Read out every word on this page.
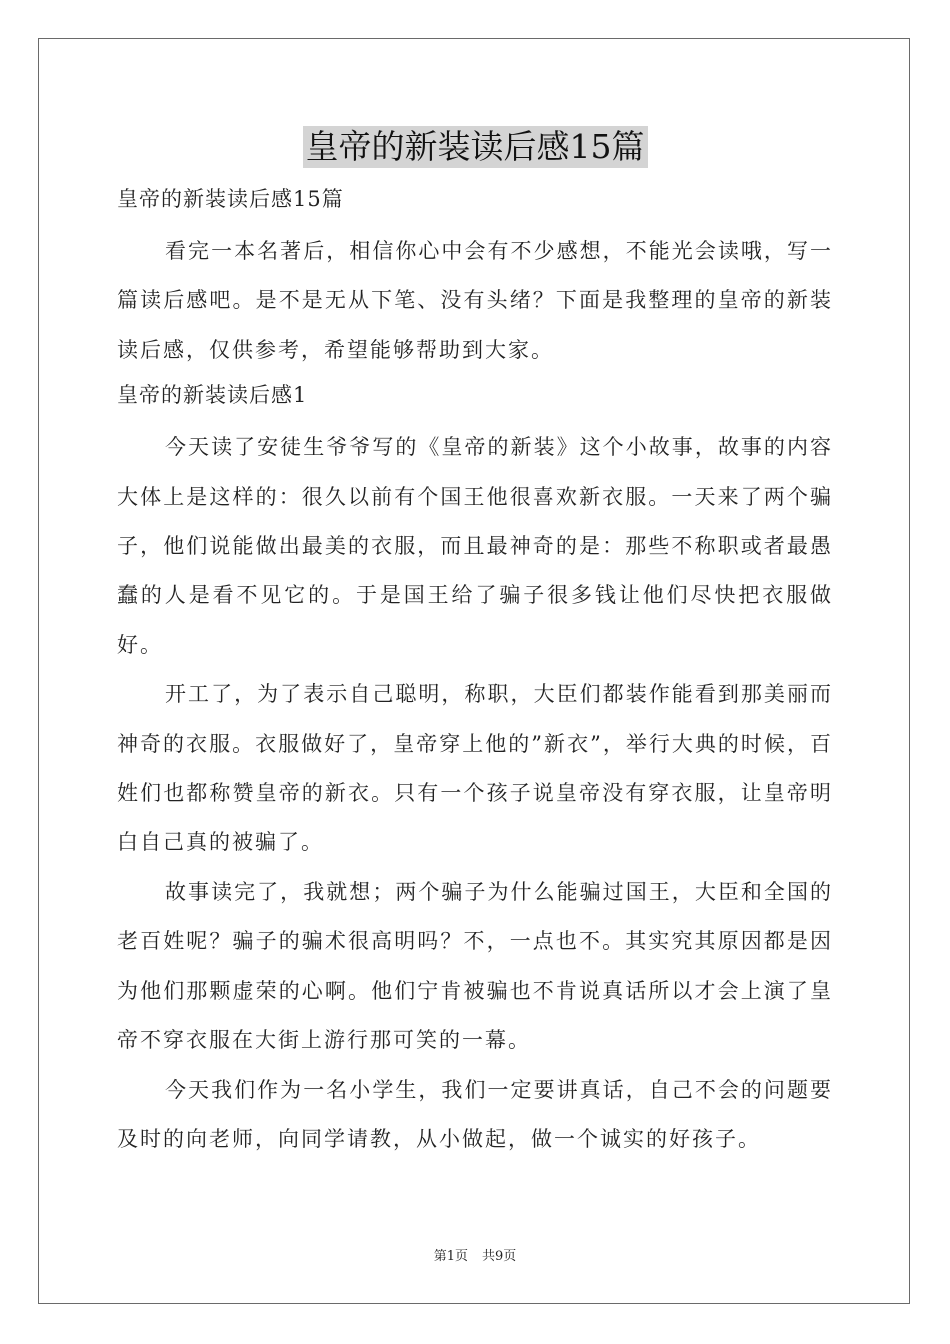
皇帝的新装读后感15篇

皇帝的新装读后感15篇

看完一本名著后，相信你心中会有不少感想，不能光会读哦，写一篇读后感吧。是不是无从下笔、没有头绪？下面是我整理的皇帝的新装读后感，仅供参考，希望能够帮助到大家。

皇帝的新装读后感1

今天读了安徒生爷爷写的《皇帝的新装》这个小故事，故事的内容大体上是这样的：很久以前有个国王他很喜欢新衣服。一天来了两个骗子，他们说能做出最美的衣服，而且最神奇的是：那些不称职或者最愚蠢的人是看不见它的。于是国王给了骗子很多钱让他们尽快把衣服做好。

开工了，为了表示自己聪明，称职，大臣们都装作能看到那美丽而神奇的衣服。衣服做好了，皇帝穿上他的”新衣”，举行大典的时候，百姓们也都称赞皇帝的新衣。只有一个孩子说皇帝没有穿衣服，让皇帝明白自己真的被骗了。

故事读完了，我就想；两个骗子为什么能骗过国王，大臣和全国的老百姓呢？骗子的骗术很高明吗？不，一点也不。其实究其原因都是因为他们那颗虚荣的心啊。他们宁肯被骗也不肯说真话所以才会上演了皇帝不穿衣服在大街上游行那可笑的一幕。

今天我们作为一名小学生，我们一定要讲真话，自己不会的问题要及时的向老师，向同学请教，从小做起，做一个诚实的好孩子。

第1页 共9页
